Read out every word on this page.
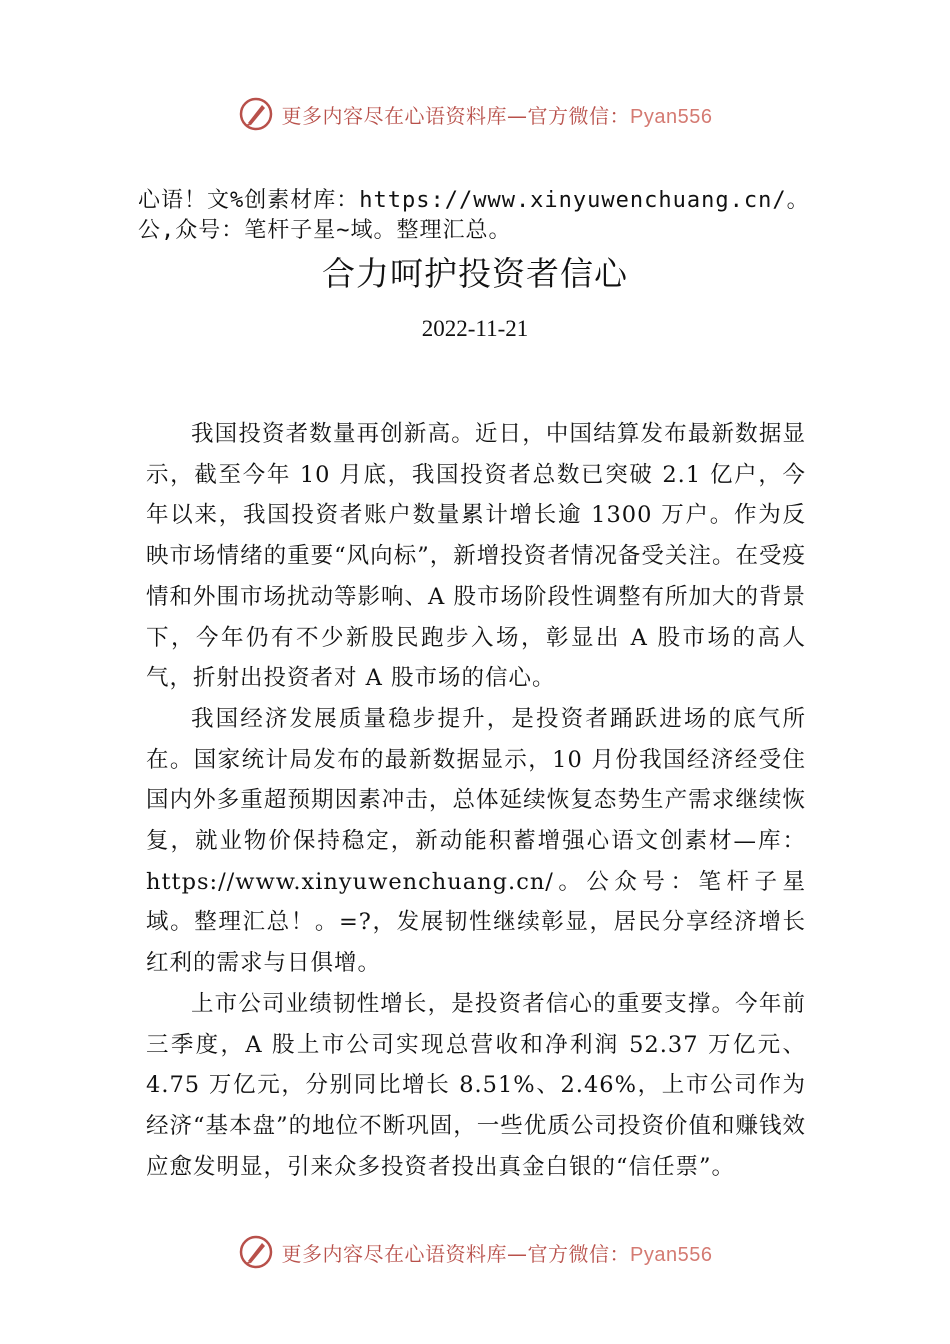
更多内容尽在心语资料库—官方微信：Pyan556
心语！文%创素材库：https://www.xinyuwenchuang.cn/。公,众号：笔杆子星~域。整理汇总。
合力呵护投资者信心
2022-11-21

我国投资者数量再创新高。近日，中国结算发布最新数据显示，截至今年 10 月底，我国投资者总数已突破 2.1 亿户，今年以来，我国投资者账户数量累计增长逾 1300 万户。作为反映市场情绪的重要“风向标”，新增投资者情况备受关注。在受疫情和外围市场扰动等影响、A 股市场阶段性调整有所加大的背景下，今年仍有不少新股民跑步入场，彰显出 A 股市场的高人气，折射出投资者对 A 股市场的信心。

我国经济发展质量稳步提升，是投资者踊跃进场的底气所在。国家统计局发布的最新数据显示，10 月份我国经济经受住国内外多重超预期因素冲击，总体延续恢复态势生产需求继续恢复，就业物价保持稳定，新动能积蓄增强心语文创素材—库：https://www.xinyuwenchuang.cn/。公众号：笔杆子星域。整理汇总！。=?，发展韧性继续彰显，居民分享经济增长红利的需求与日俱增。

上市公司业绩韧性增长，是投资者信心的重要支撑。今年前三季度，A 股上市公司实现总营收和净利润 52.37 万亿元、4.75 万亿元，分别同比增长 8.51%、2.46%，上市公司作为经济“基本盘”的地位不断巩固，一些优质公司投资价值和赚钱效应愈发明显，引来众多投资者投出真金白银的“信任票”。

更多内容尽在心语资料库—官方微信：Pyan556
